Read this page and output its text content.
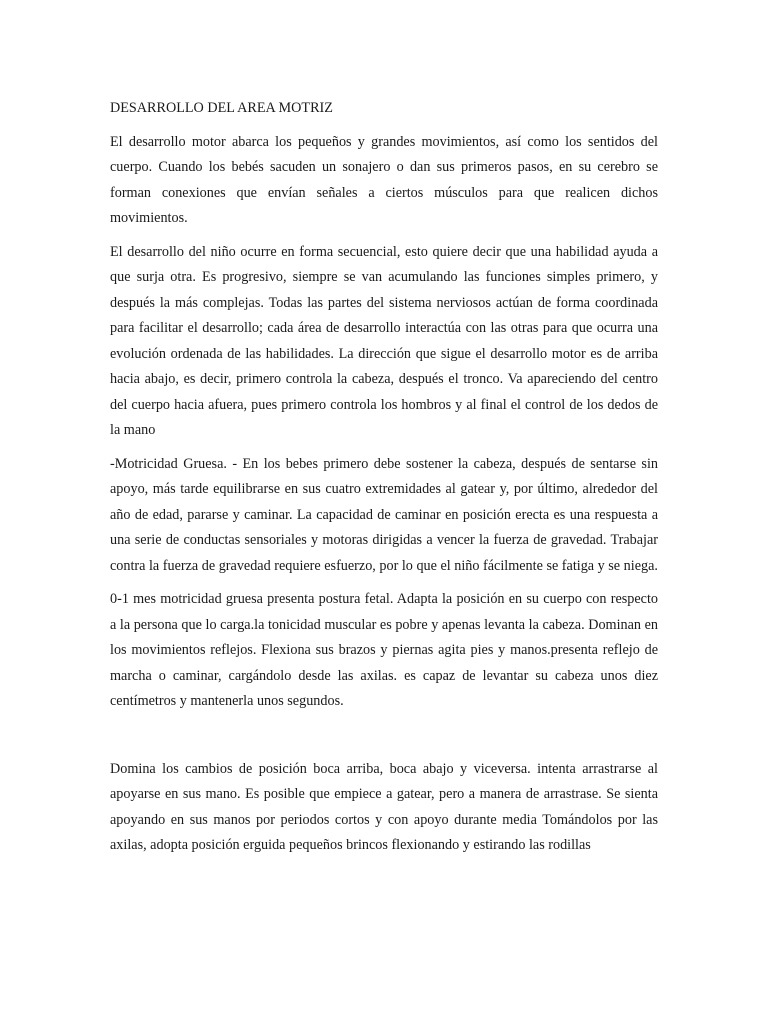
DESARROLLO DEL AREA MOTRIZ

El desarrollo motor abarca los pequeños y grandes movimientos, así como los sentidos del cuerpo. Cuando los bebés sacuden un sonajero o dan sus primeros pasos, en su cerebro se forman conexiones que envían señales a ciertos músculos para que realicen dichos movimientos.

El desarrollo del niño ocurre en forma secuencial, esto quiere decir que una habilidad ayuda a que surja otra. Es progresivo, siempre se van acumulando las funciones simples primero, y después la más complejas. Todas las partes del sistema nerviosos actúan de forma coordinada para facilitar el desarrollo; cada área de desarrollo interactúa con las otras para que ocurra una evolución ordenada de las habilidades. La dirección que sigue el desarrollo motor es de arriba hacia abajo, es decir, primero controla la cabeza, después el tronco. Va apareciendo del centro del cuerpo hacia afuera, pues primero controla los hombros y al final el control de los dedos de la mano

-Motricidad Gruesa. - En los bebes primero debe sostener la cabeza, después de sentarse sin apoyo, más tarde equilibrarse en sus cuatro extremidades al gatear y, por último, alrededor del año de edad, pararse y caminar. La capacidad de caminar en posición erecta es una respuesta a una serie de conductas sensoriales y motoras dirigidas a vencer la fuerza de gravedad. Trabajar contra la fuerza de gravedad requiere esfuerzo, por lo que el niño fácilmente se fatiga y se niega.

0-1 mes motricidad gruesa presenta postura fetal. Adapta la posición en su cuerpo con respecto a la persona que lo carga.la tonicidad muscular es pobre y apenas levanta la cabeza. Dominan en los movimientos reflejos. Flexiona sus brazos y piernas agita pies y manos.presenta reflejo de marcha o caminar, cargándolo desde las axilas. es capaz de levantar su cabeza unos diez centímetros y mantenerla unos segundos.

Domina los cambios de posición boca arriba, boca abajo y viceversa. intenta arrastrarse al apoyarse en sus mano. Es posible que empiece a gatear, pero a manera de arrastrase. Se sienta apoyando en sus manos por periodos cortos y con apoyo durante media Tomándolos por las axilas, adopta posición erguida pequeños brincos flexionando y estirando las rodillas
